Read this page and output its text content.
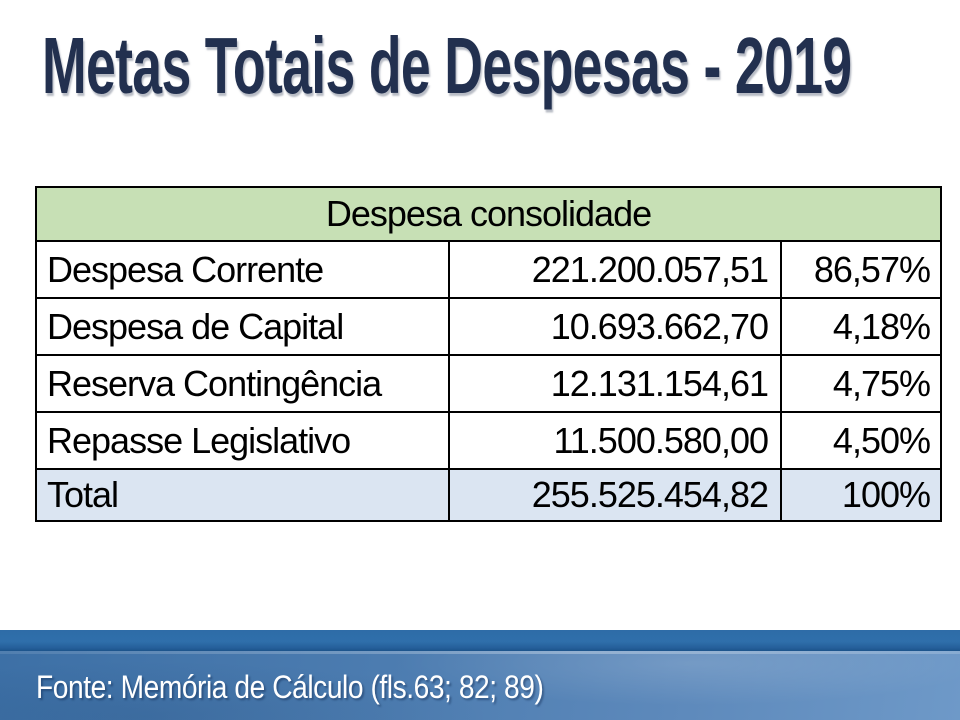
Metas Totais de Despesas - 2019
Despesa consolidade		
Despesa Corrente	221.200.057,51	86,57%
Despesa de Capital	10.693.662,70	4,18%
Reserva Contingência	12.131.154,61	4,75%
Repasse Legislativo	11.500.580,00	4,50%
Total	255.525.454,82	100%
Fonte: Memória de Cálculo (fls.63; 82; 89)
